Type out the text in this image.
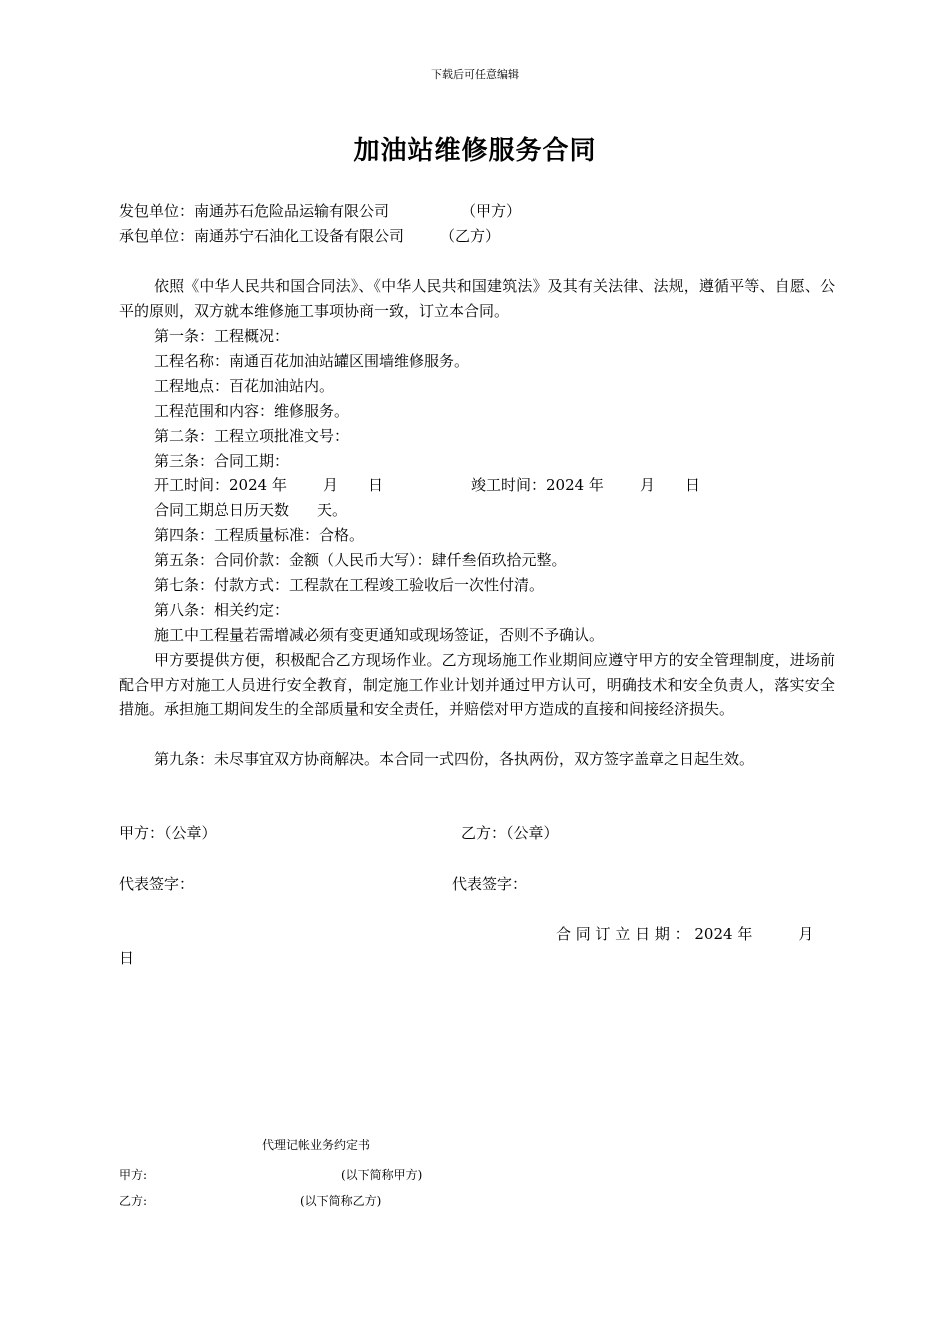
下载后可任意编辑
加油站维修服务合同
发包单位：南通苏石危险品运输有限公司	（甲方）
承包单位：南通苏宁石油化工设备有限公司 （乙方）
依照《中华人民共和国合同法》、《中华人民共和国建筑法》及其有关法律、法规，遵循平等、自愿、公平的原则，双方就本维修施工事项协商一致，订立本合同。
第一条：工程概况：
工程名称：南通百花加油站罐区围墙维修服务。
工程地点：百花加油站内。
工程范围和内容：维修服务。
第二条：工程立项批准文号：
第三条：合同工期：
开工时间：2024 年 月 日	竣工时间：2024 年 月 日
合同工期总日历天数 天。
第四条：工程质量标准：合格。
第五条：合同价款：金额（人民币大写）：肆仟叁佰玖拾元整。
第七条：付款方式：工程款在工程竣工验收后一次性付清。
第八条：相关约定：
施工中工程量若需增减必须有变更通知或现场签证，否则不予确认。
甲方要提供方便，积极配合乙方现场作业。乙方现场施工作业期间应遵守甲方的安全管理制度，进场前配合甲方对施工人员进行安全教育，制定施工作业计划并通过甲方认可，明确技术和安全负责人，落实安全措施。承担施工期间发生的全部质量和安全责任，并赔偿对甲方造成的直接和间接经济损失。
第九条：未尽事宜双方协商解决。本合同一式四份，各执两份，双方签字盖章之日起生效。
甲方：（公章）	乙方：（公章）
代表签字：	代表签字：
合 同 订 立 日 期 ： 2024 年	月
日
代理记帐业务约定书
甲方:	(以下简称甲方)
乙方:	(以下简称乙方)
